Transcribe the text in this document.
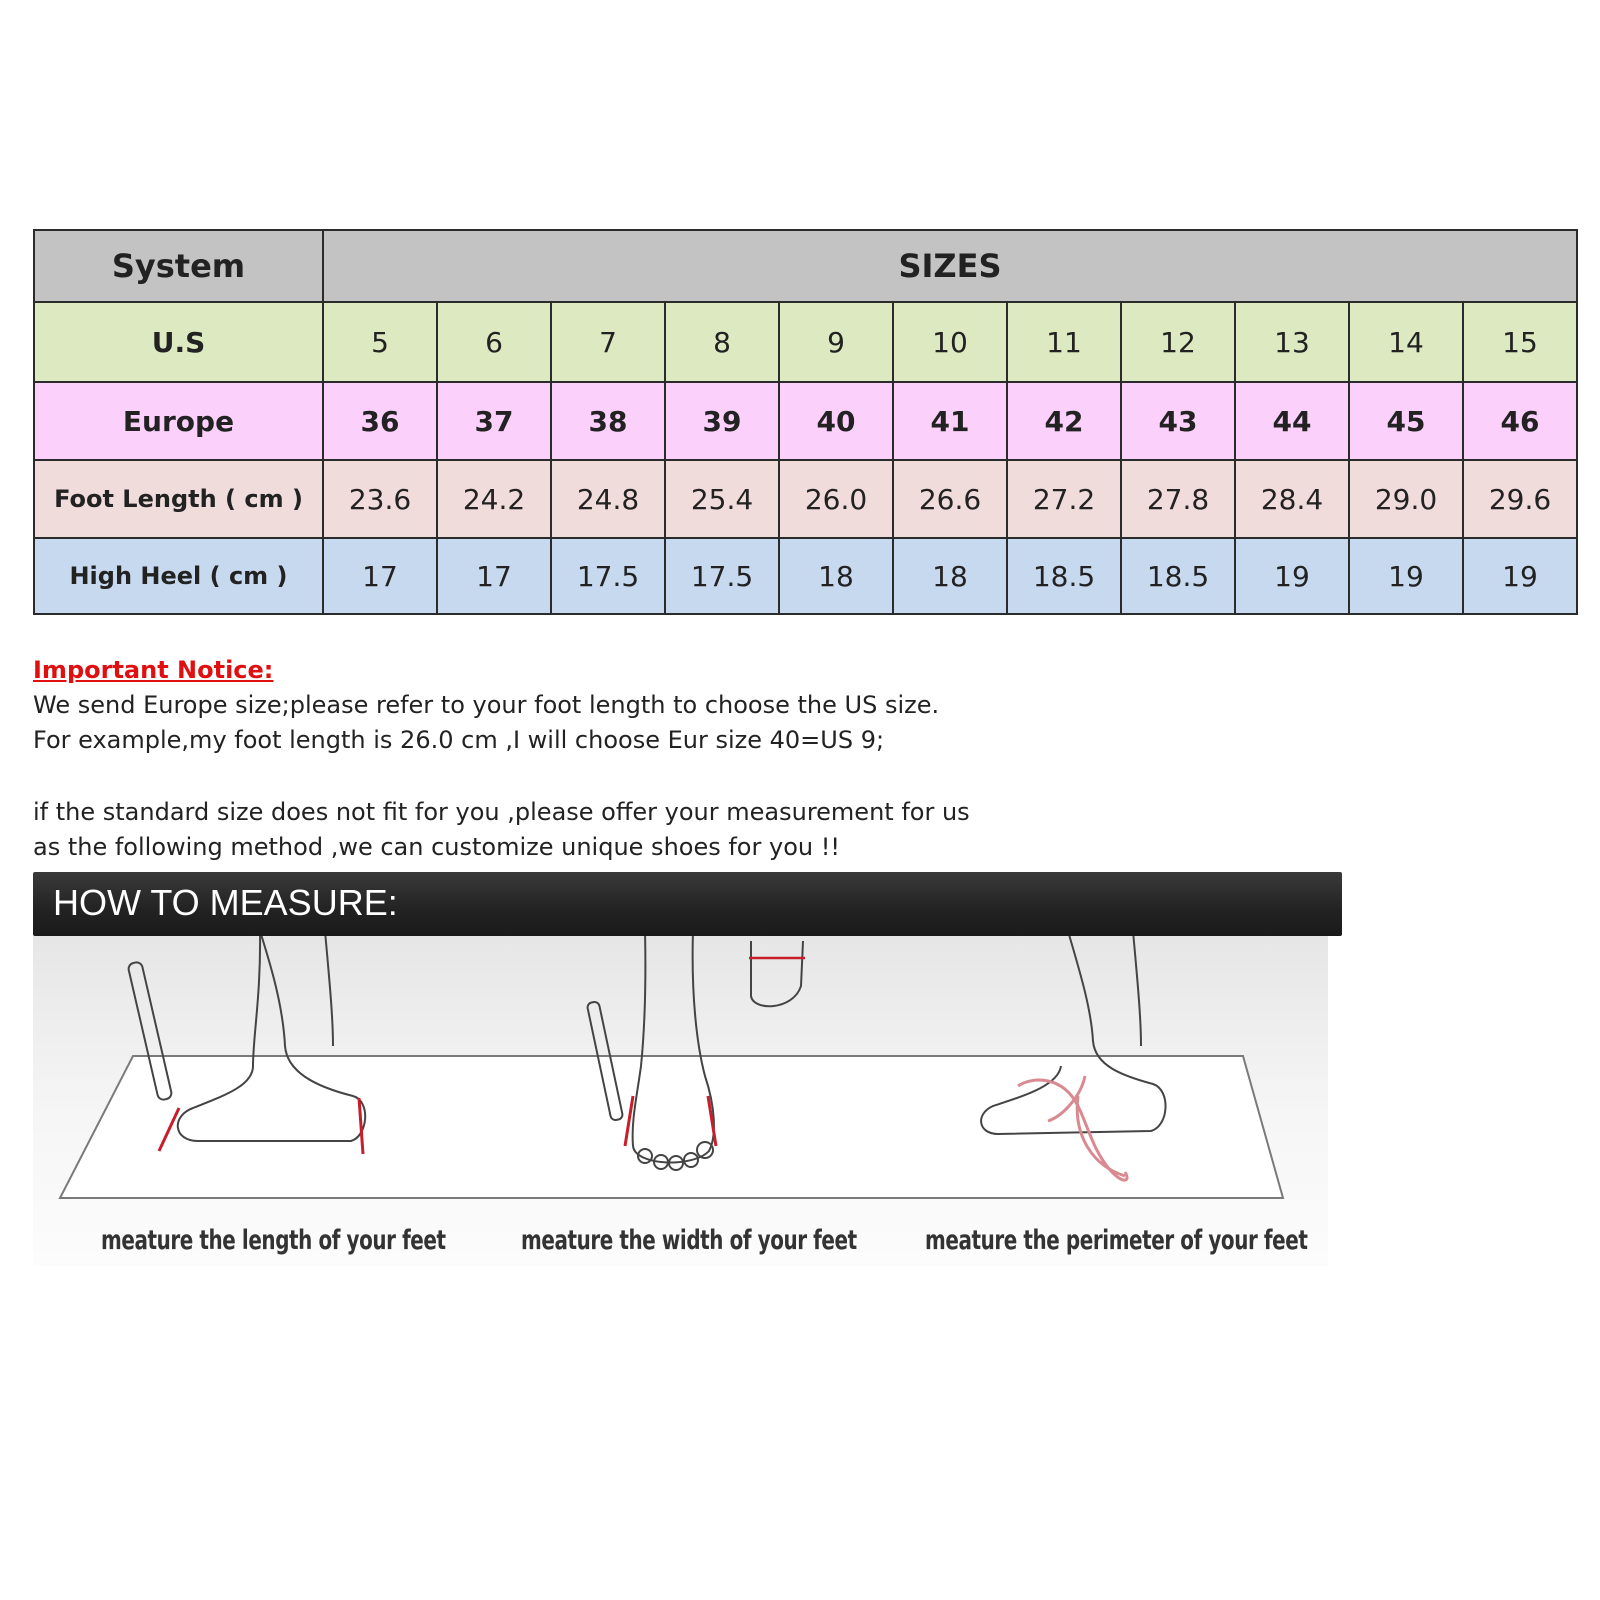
System	SIZES										
U.S	5	6	7	8	9	10	11	12	13	14	15
Europe	36	37	38	39	40	41	42	43	44	45	46
Foot Length ( cm )	23.6	24.2	24.8	25.4	26.0	26.6	27.2	27.8	28.4	29.0	29.6
High Heel ( cm )	17	17	17.5	17.5	18	18	18.5	18.5	19	19	19
Important Notice:
We send Europe size;please refer to your foot length to choose the US size.
For example,my foot length is 26.0 cm ,I will choose Eur size 40=US 9;
if the standard size does not fit for you ,please offer your measurement for us
as the following method ,we can customize unique shoes for you !!
HOW TO MEASURE:
meature the length of your feet	meature the width of your feet	meature the perimeter of your feet
